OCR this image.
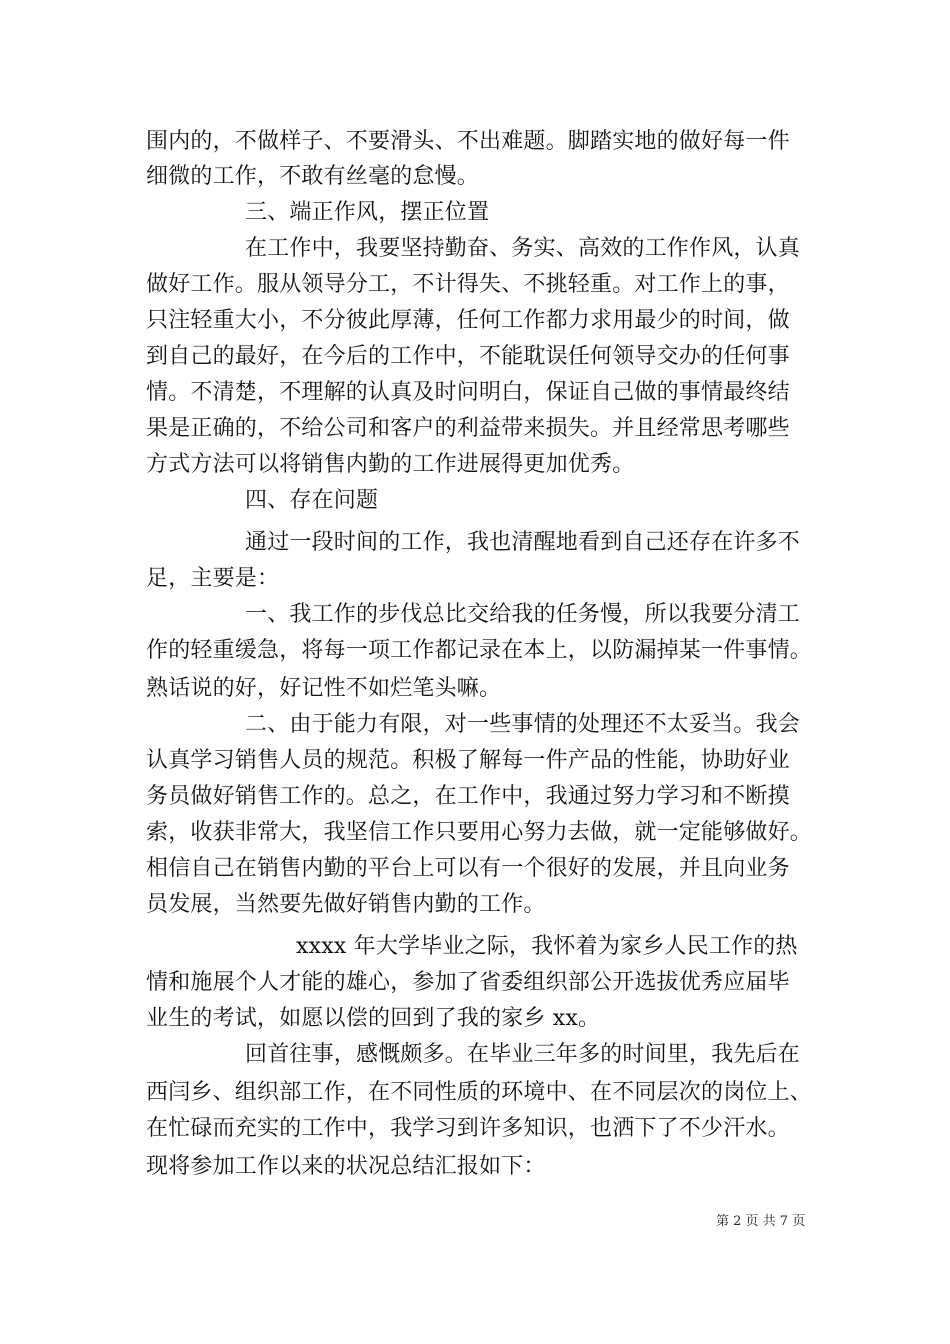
围内的，不做样子、不要滑头、不出难题。脚踏实地的做好每一件
细微的工作，不敢有丝毫的怠慢。
三、端正作风，摆正位置
在工作中，我要坚持勤奋、务实、高效的工作作风，认真
做好工作。服从领导分工，不计得失、不挑轻重。对工作上的事，
只注轻重大小，不分彼此厚薄，任何工作都力求用最少的时间，做
到自己的最好，在今后的工作中，不能耽误任何领导交办的任何事
情。不清楚，不理解的认真及时问明白，保证自己做的事情最终结
果是正确的，不给公司和客户的利益带来损失。并且经常思考哪些
方式方法可以将销售内勤的工作进展得更加优秀。
四、存在问题
通过一段时间的工作，我也清醒地看到自己还存在许多不
足，主要是：
一、我工作的步伐总比交给我的任务慢，所以我要分清工
作的轻重缓急，将每一项工作都记录在本上，以防漏掉某一件事情。
熟话说的好，好记性不如烂笔头嘛。
二、由于能力有限，对一些事情的处理还不太妥当。我会
认真学习销售人员的规范。积极了解每一件产品的性能，协助好业
务员做好销售工作的。总之，在工作中，我通过努力学习和不断摸
索，收获非常大，我坚信工作只要用心努力去做，就一定能够做好。
相信自己在销售内勤的平台上可以有一个很好的发展，并且向业务
员发展，当然要先做好销售内勤的工作。
xxxx 年大学毕业之际，我怀着为家乡人民工作的热
情和施展个人才能的雄心，参加了省委组织部公开选拔优秀应届毕
业生的考试，如愿以偿的回到了我的家乡 xx。
回首往事，感慨颇多。在毕业三年多的时间里，我先后在
西闫乡、组织部工作，在不同性质的环境中、在不同层次的岗位上、
在忙碌而充实的工作中，我学习到许多知识，也洒下了不少汗水。
现将参加工作以来的状况总结汇报如下：
第 2 页 共 7 页
